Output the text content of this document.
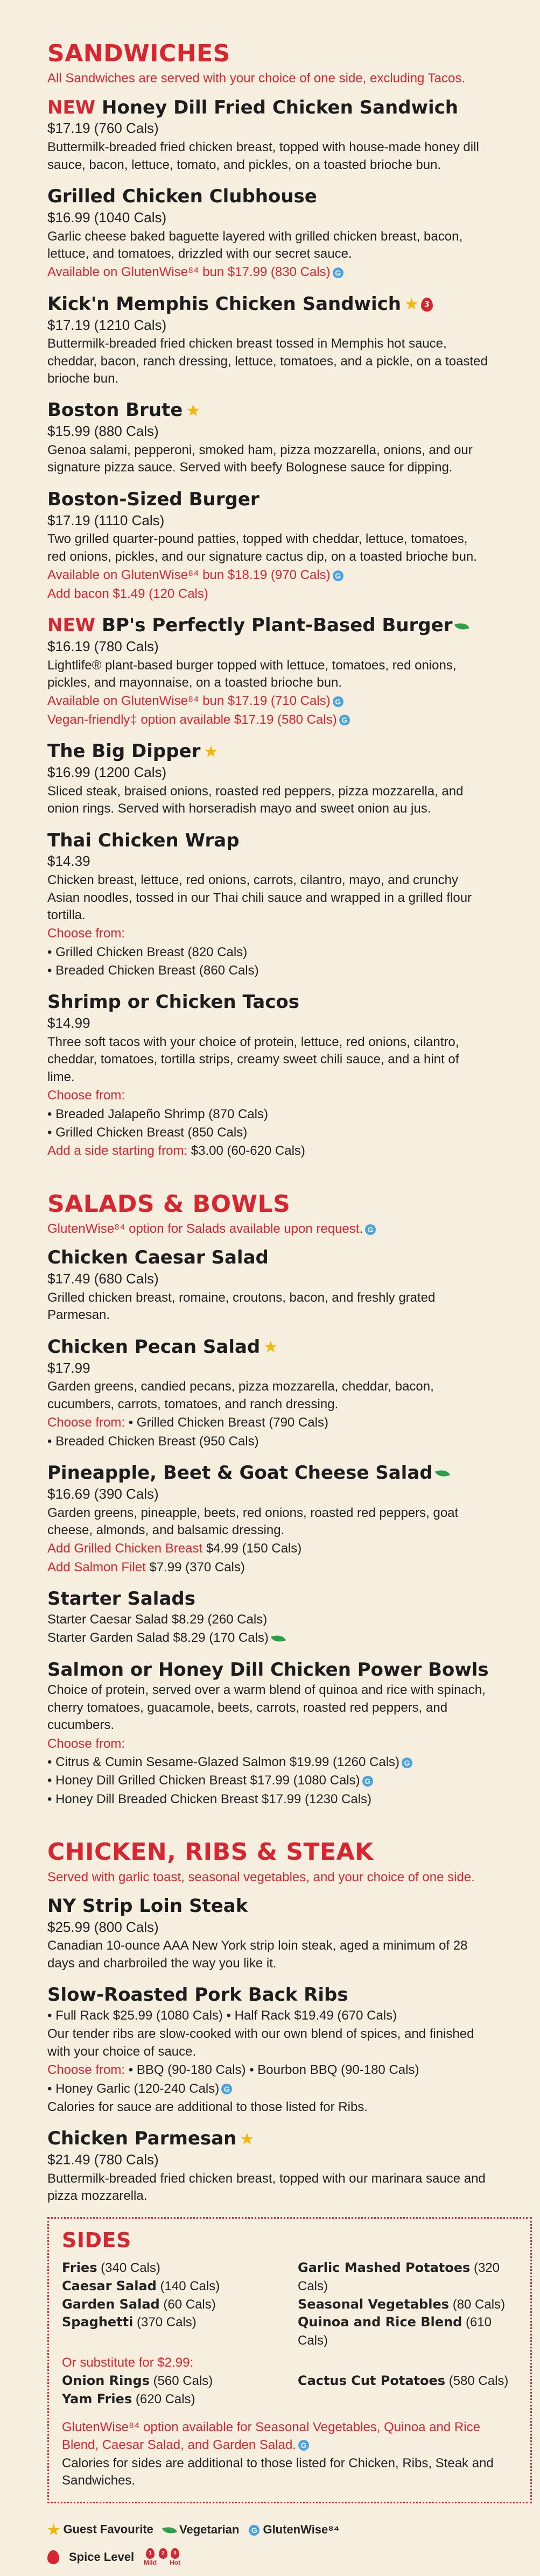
SANDWICHES
All Sandwiches are served with your choice of one side, excluding Tacos.
NEW Honey Dill Fried Chicken Sandwich
$17.19 (760 Cals)
Buttermilk-breaded fried chicken breast, topped with house-made honey dill sauce, bacon, lettuce, tomato, and pickles, on a toasted brioche bun.
Grilled Chicken Clubhouse
$16.99 (1040 Cals)
Garlic cheese baked baguette layered with grilled chicken breast, bacon, lettuce, and tomatoes, drizzled with our secret sauce.
Available on GlutenWise⁸⁴ bun $17.99 (830 Cals) G
Kick'n Memphis Chicken Sandwich ★ 3
$17.19 (1210 Cals)
Buttermilk-breaded fried chicken breast tossed in Memphis hot sauce, cheddar, bacon, ranch dressing, lettuce, tomatoes, and a pickle, on a toasted brioche bun.
Boston Brute ★
$15.99 (880 Cals)
Genoa salami, pepperoni, smoked ham, pizza mozzarella, onions, and our signature pizza sauce. Served with beefy Bolognese sauce for dipping.
Boston-Sized Burger
$17.19 (1110 Cals)
Two grilled quarter-pound patties, topped with cheddar, lettuce, tomatoes, red onions, pickles, and our signature cactus dip, on a toasted brioche bun.
Available on GlutenWise⁸⁴ bun $18.19 (970 Cals) G
Add bacon $1.49 (120 Cals)
NEW BP's Perfectly Plant-Based Burger
$16.19 (780 Cals)
Lightlife® plant-based burger topped with lettuce, tomatoes, red onions, pickles, and mayonnaise, on a toasted brioche bun.
Available on GlutenWise⁸⁴ bun $17.19 (710 Cals) G
Vegan-friendly‡ option available $17.19 (580 Cals) G
The Big Dipper ★
$16.99 (1200 Cals)
Sliced steak, braised onions, roasted red peppers, pizza mozzarella, and onion rings. Served with horseradish mayo and sweet onion au jus.
Thai Chicken Wrap
$14.39
Chicken breast, lettuce, red onions, carrots, cilantro, mayo, and crunchy Asian noodles, tossed in our Thai chili sauce and wrapped in a grilled flour tortilla.
Choose from:
• Grilled Chicken Breast (820 Cals)
• Breaded Chicken Breast (860 Cals)
Shrimp or Chicken Tacos
$14.99
Three soft tacos with your choice of protein, lettuce, red onions, cilantro, cheddar, tomatoes, tortilla strips, creamy sweet chili sauce, and a hint of lime.
Choose from:
• Breaded Jalapeño Shrimp (870 Cals)
• Grilled Chicken Breast (850 Cals)
Add a side starting from: $3.00 (60-620 Cals)
SALADS & BOWLS
GlutenWise⁸⁴ option for Salads available upon request. G
Chicken Caesar Salad
$17.49 (680 Cals)
Grilled chicken breast, romaine, croutons, bacon, and freshly grated Parmesan.
Chicken Pecan Salad ★
$17.99
Garden greens, candied pecans, pizza mozzarella, cheddar, bacon, cucumbers, carrots, tomatoes, and ranch dressing.
Choose from: • Grilled Chicken Breast (790 Cals)
• Breaded Chicken Breast (950 Cals)
Pineapple, Beet & Goat Cheese Salad
$16.69 (390 Cals)
Garden greens, pineapple, beets, red onions, roasted red peppers, goat cheese, almonds, and balsamic dressing.
Add Grilled Chicken Breast $4.99 (150 Cals)
Add Salmon Filet $7.99 (370 Cals)
Starter Salads
Starter Caesar Salad $8.29 (260 Cals)
Starter Garden Salad $8.29 (170 Cals)
Salmon or Honey Dill Chicken Power Bowls
Choice of protein, served over a warm blend of quinoa and rice with spinach, cherry tomatoes, guacamole, beets, carrots, roasted red peppers, and cucumbers.
Choose from:
• Citrus & Cumin Sesame-Glazed Salmon $19.99 (1260 Cals) G
• Honey Dill Grilled Chicken Breast $17.99 (1080 Cals) G
• Honey Dill Breaded Chicken Breast $17.99 (1230 Cals)
CHICKEN, RIBS & STEAK
Served with garlic toast, seasonal vegetables, and your choice of one side.
NY Strip Loin Steak
$25.99 (800 Cals)
Canadian 10-ounce AAA New York strip loin steak, aged a minimum of 28 days and charbroiled the way you like it.
Slow-Roasted Pork Back Ribs
• Full Rack $25.99 (1080 Cals) • Half Rack $19.49 (670 Cals)
Our tender ribs are slow-cooked with our own blend of spices, and finished with your choice of sauce.
Choose from: • BBQ (90-180 Cals) • Bourbon BBQ (90-180 Cals)
• Honey Garlic (120-240 Cals) G
Calories for sauce are additional to those listed for Ribs.
Chicken Parmesan ★
$21.49 (780 Cals)
Buttermilk-breaded fried chicken breast, topped with our marinara sauce and pizza mozzarella.
SIDES
Fries (340 Cals)
Caesar Salad (140 Cals)
Garden Salad (60 Cals)
Spaghetti (370 Cals)
Garlic Mashed Potatoes (320 Cals)
Seasonal Vegetables (80 Cals)
Quinoa and Rice Blend (610 Cals)
Or substitute for $2.99:
Onion Rings (560 Cals)
Yam Fries (620 Cals)
Cactus Cut Potatoes (580 Cals)
GlutenWise⁸⁴ option available for Seasonal Vegetables, Quinoa and Rice Blend, Caesar Salad, and Garden Salad. G
Calories for sides are additional to those listed for Chicken, Ribs, Steak and Sandwiches.
★ Guest Favourite	Vegetarian	G GlutenWise⁸⁴
Spice Level	1
Mild
2	3
Hot
